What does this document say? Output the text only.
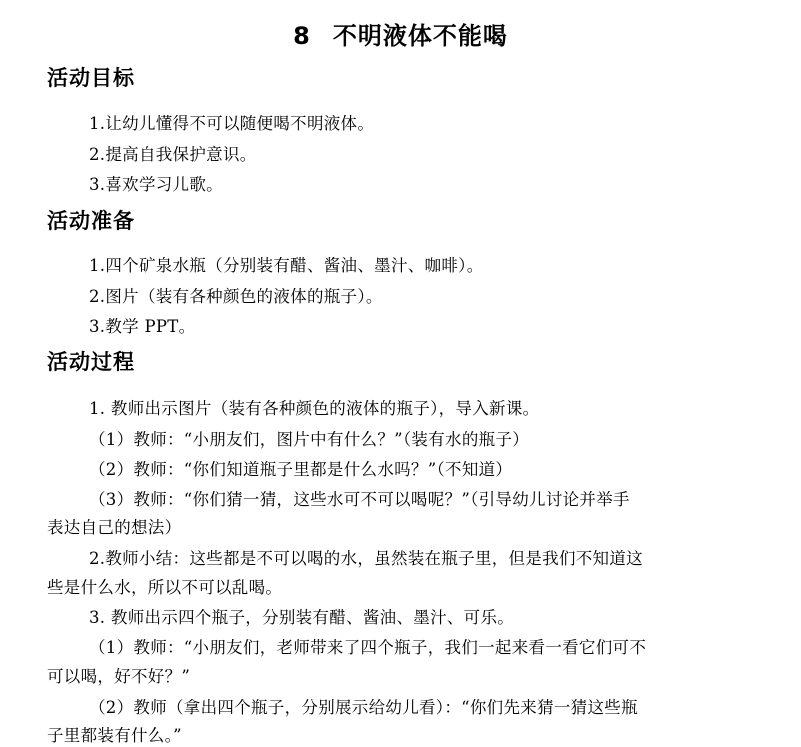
8 不明液体不能喝
活动目标
1.让幼儿懂得不可以随便喝不明液体。
2.提高自我保护意识。
3.喜欢学习儿歌。
活动准备
1.四个矿泉水瓶（分别装有醋、酱油、墨汁、咖啡）。
2.图片（装有各种颜色的液体的瓶子）。
3.教学 PPT。
活动过程
1. 教师出示图片（装有各种颜色的液体的瓶子），导入新课。
（1）教师：“小朋友们，图片中有什么？”（装有水的瓶子）
（2）教师：“你们知道瓶子里都是什么水吗？”（不知道）
（3）教师：“你们猜一猜，这些水可不可以喝呢？”（引导幼儿讨论并举手
表达自己的想法）
2.教师小结：这些都是不可以喝的水，虽然装在瓶子里，但是我们不知道这
些是什么水，所以不可以乱喝。
3. 教师出示四个瓶子，分别装有醋、酱油、墨汁、可乐。
（1）教师：“小朋友们，老师带来了四个瓶子，我们一起来看一看它们可不
可以喝，好不好？”
（2）教师（拿出四个瓶子，分别展示给幼儿看）：“你们先来猜一猜这些瓶
子里都装有什么。”
